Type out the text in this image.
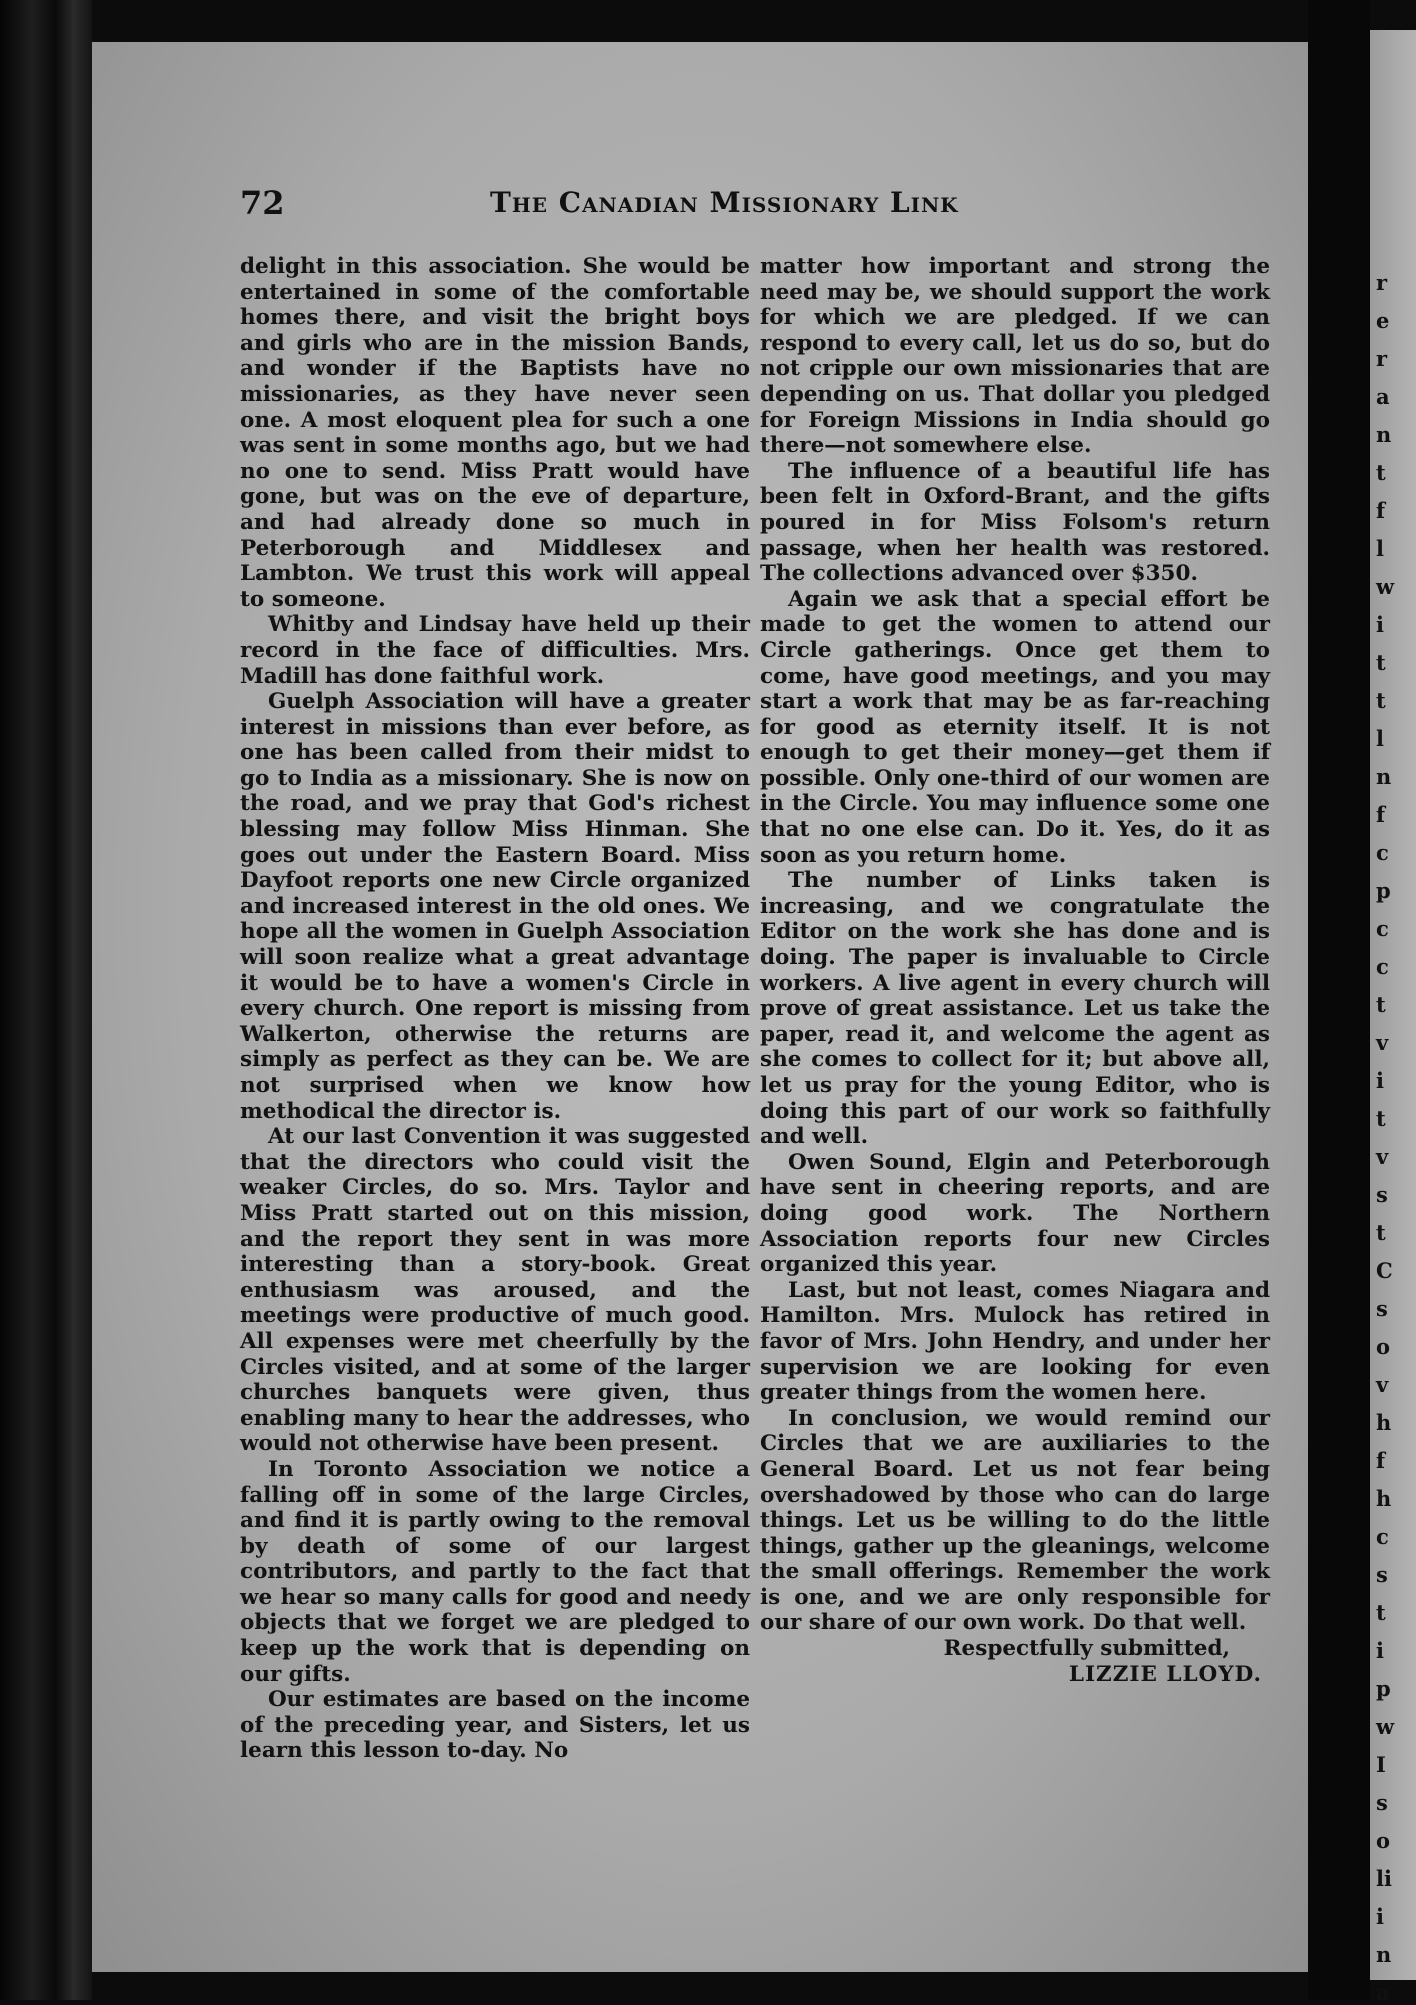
r
e
r
a
n
t
f
l
w
i
t
t
l
n
f
c
p
c
c
t
v
i
t
v
s
t
C
s
o
v
h
f
h
c
s
t
i
p
w
I
s
o
li
i
n
a
72	The Canadian Missionary Link

delight in this association. She would be entertained in some of the comfortable homes there, and visit the bright boys and girls who are in the mission Bands, and wonder if the Baptists have no missionaries, as they have never seen one. A most eloquent plea for such a one was sent in some months ago, but we had no one to send. Miss Pratt would have gone, but was on the eve of departure, and had already done so much in Peterborough and Middlesex and Lambton. We trust this work will appeal to someone.

Whitby and Lindsay have held up their record in the face of difficulties. Mrs. Madill has done faithful work.

Guelph Association will have a greater interest in missions than ever before, as one has been called from their midst to go to India as a missionary. She is now on the road, and we pray that God's richest blessing may follow Miss Hinman. She goes out under the Eastern Board. Miss Dayfoot reports one new Circle organized and increased interest in the old ones. We hope all the women in Guelph Association will soon realize what a great advantage it would be to have a women's Circle in every church. One report is missing from Walkerton, otherwise the returns are simply as perfect as they can be. We are not surprised when we know how methodical the director is.

At our last Convention it was suggested that the directors who could visit the weaker Circles, do so. Mrs. Taylor and Miss Pratt started out on this mission, and the report they sent in was more interesting than a story-book. Great enthusiasm was aroused, and the meetings were productive of much good. All expenses were met cheerfully by the Circles visited, and at some of the larger churches banquets were given, thus enabling many to hear the addresses, who would not otherwise have been present.

In Toronto Association we notice a falling off in some of the large Circles, and find it is partly owing to the removal by death of some of our largest contributors, and partly to the fact that we hear so many calls for good and needy objects that we forget we are pledged to keep up the work that is depending on our gifts.

Our estimates are based on the income of the preceding year, and Sisters, let us learn this lesson to-day. No

matter how important and strong the need may be, we should support the work for which we are pledged. If we can respond to every call, let us do so, but do not cripple our own missionaries that are depending on us. That dollar you pledged for Foreign Missions in India should go there—not somewhere else.

The influence of a beautiful life has been felt in Oxford-Brant, and the gifts poured in for Miss Folsom's return passage, when her health was restored. The collections advanced over $350.

Again we ask that a special effort be made to get the women to attend our Circle gatherings. Once get them to come, have good meetings, and you may start a work that may be as far-reaching for good as eternity itself. It is not enough to get their money—get them if possible. Only one-third of our women are in the Circle. You may influence some one that no one else can. Do it. Yes, do it as soon as you return home.

The number of Links taken is increasing, and we congratulate the Editor on the work she has done and is doing. The paper is invaluable to Circle workers. A live agent in every church will prove of great assistance. Let us take the paper, read it, and welcome the agent as she comes to collect for it; but above all, let us pray for the young Editor, who is doing this part of our work so faithfully and well.

Owen Sound, Elgin and Peterborough have sent in cheering reports, and are doing good work. The Northern Association reports four new Circles organized this year.

Last, but not least, comes Niagara and Hamilton. Mrs. Mulock has retired in favor of Mrs. John Hendry, and under her supervision we are looking for even greater things from the women here.

In conclusion, we would remind our Circles that we are auxiliaries to the General Board. Let us not fear being overshadowed by those who can do large things. Let us be willing to do the little things, gather up the gleanings, welcome the small offerings. Remember the work is one, and we are only responsible for our share of our own work. Do that well.

Respectfully submitted,

LIZZIE LLOYD.
